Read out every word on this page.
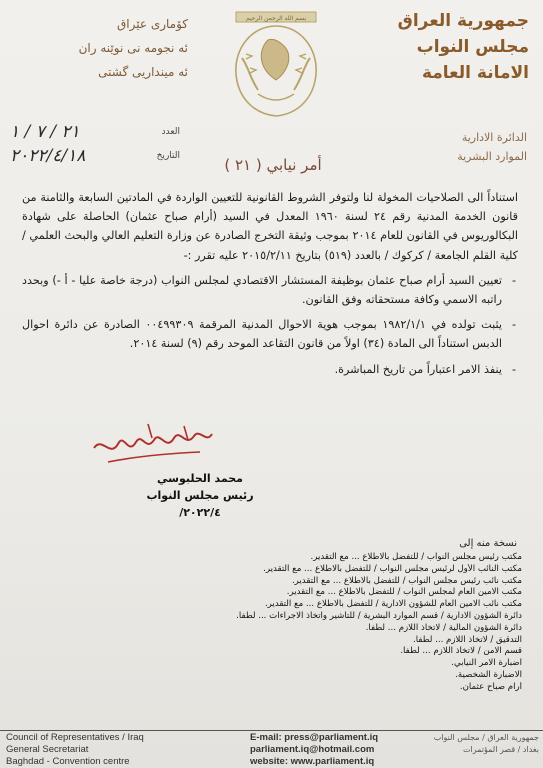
جمهورية العراق
مجلس النواب
الامانة العامة
کۆماری عێراق
ئه نجومه نی نوێنه ران
ئه مینداریی گشتی
بسم الله الرحمن الرحيم
الدائرة الادارية
الموارد البشرية
٢١ / ٧ / ١	العدد
٢٠٢٢/٤/١٨	التاريخ	أمر نيابي ( ٢١ )

استناداً الى الصلاحيات المخولة لنا ولتوفر الشروط القانونية للتعيين الواردة في المادتين السابعة والثامنة من قانون الخدمة المدنية رقم ٢٤ لسنة ١٩٦٠ المعدل في السيد (أرام صباح عثمان) الحاصلة على شهادة البكالوريوس في القانون للعام ٢٠١٤ بموجب وثيقة التخرج الصادرة عن وزارة التعليم العالي والبحث العلمي / كلية القلم الجامعة / كركوك / بالعدد (٥١٩) بتاريخ ٢٠١٥/٢/١١ عليه تقرر :-

-
تعيين السيد أرام صباح عثمان بوظيفة المستشار الاقتصادي لمجلس النواب (درجة خاصة عليا - أ -) وبحدد راتبه الاسمي وكافة مستحقاته وفق القانون.
-
يثبت تولده في ١٩٨٢/١/١ بموجب هوية الاحوال المدنية المرقمة ٠٠٤٩٩٣٠٩ الصادرة عن دائرة احوال الدبس استناداً الى المادة (٣٤) اولاً من قانون التقاعد الموحد رقم (٩) لسنة ٢٠١٤.
-
ينفذ الامر اعتباراً من تاريخ المباشرة.
محمد الحلبوسي
رئيس مجلس النواب
٢٠٢٢/٤/
نسخة منه إلى
مكتب رئيس مجلس النواب / للتفضل بالاطلاع ... مع التقدير.
مكتب النائب الأول لرئيس مجلس النواب / للتفضل بالاطلاع ... مع التقدير.
مكتب نائب رئيس مجلس النواب / للتفضل بالاطلاع ... مع التقدير.
مكتب الامين العام لمجلس النواب / للتفضل بالاطلاع ... مع التقدير.
مكتب نائب الامين العام للشؤون الادارية / للتفضل بالاطلاع ... مع التقدير.
دائرة الشؤون الادارية / قسم الموارد البشرية / للتأشير واتخاذ الاجراءات ... لطفاً.
دائرة الشؤون المالية / لاتخاذ اللازم ... لطفاً.
التدقيق / لاتخاذ اللازم ... لطفاً.
قسم الامن / لاتخاذ اللازم ... لطفاً.
اضبارة الامر النيابي.
الاضبارة الشخصية.
أرام صباح عثمان.
Council of Representatives / Iraq
General Secretariat
Baghdad - Convention centre
E-mail: press@parliament.iq
parliament.iq@hotmail.com
website: www.parliament.iq
جمهورية العراق / مجلس النواب
بغداد / قصر المؤتمرات
